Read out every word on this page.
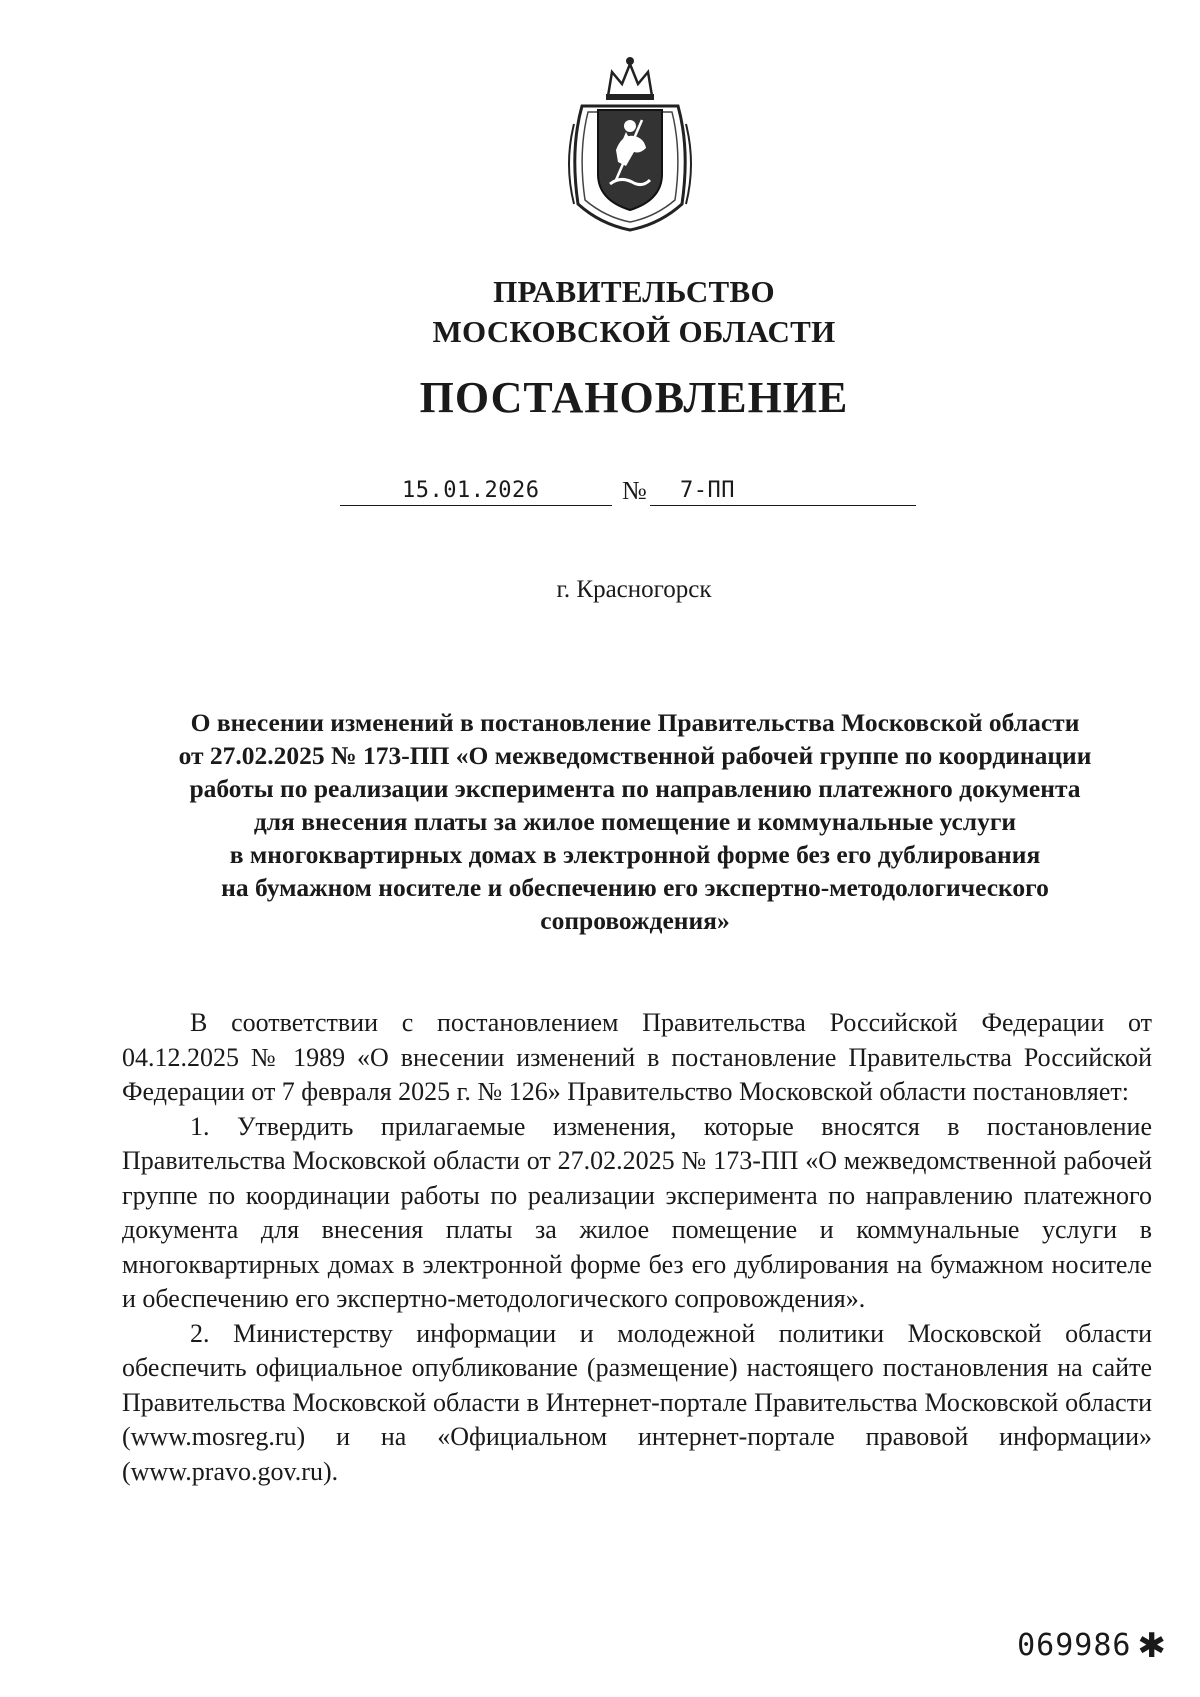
ПРАВИТЕЛЬСТВО
МОСКОВСКОЙ ОБЛАСТИ
ПОСТАНОВЛЕНИЕ
15.01.2026	№ 7-ПП
г. Красногорск
О внесении изменений в постановление Правительства Московской области
от 27.02.2025 № 173-ПП «О межведомственной рабочей группе по координации
работы по реализации эксперимента по направлению платежного документа
для внесения платы за жилое помещение и коммунальные услуги
в многоквартирных домах в электронной форме без его дублирования
на бумажном носителе и обеспечению его экспертно-методологического
сопровождения»

В соответствии с постановлением Правительства Российской Федерации от 04.12.2025 № 1989 «О внесении изменений в постановление Правительства Российской Федерации от 7 февраля 2025 г. № 126» Правительство Московской области постановляет:

1. Утвердить прилагаемые изменения, которые вносятся в постановление Правительства Московской области от 27.02.2025 № 173-ПП «О межведомственной рабочей группе по координации работы по реализации эксперимента по направлению платежного документа для внесения платы за жилое помещение и коммунальные услуги в многоквартирных домах в электронной форме без его дублирования на бумажном носителе и обеспечению его экспертно-методологического сопровождения».

2. Министерству информации и молодежной политики Московской области обеспечить официальное опубликование (размещение) настоящего постановления на сайте Правительства Московской области в Интернет-портале Правительства Московской области (www.mosreg.ru) и на «Официальном интернет-портале правовой информации» (www.pravo.gov.ru).

069986 ✱
